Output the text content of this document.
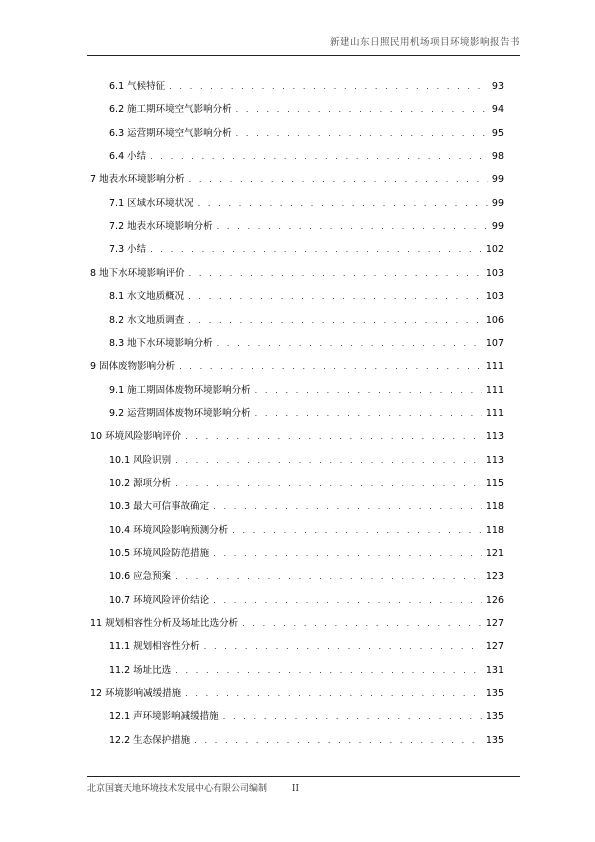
新建山东日照民用机场项目环境影响报告书
6.1 气候特征 . . .	93
6.2 施工期环境空气影响分析 . . .	94
6.3 运营期环境空气影响分析 . . .	95
6.4 小结 . . .	98
7 地表水环境影响分析 . . .	99
7.1 区域水环境状况 . . .	99
7.2 地表水环境影响分析 . . .	99
7.3 小结 . . .	102
8 地下水环境影响评价 . . .	103
8.1 水文地质概况 . . .	103
8.2 水文地质调查 . . .	106
8.3 地下水环境影响分析 . . .	107
9 固体废物影响分析 . . .	111
9.1 施工期固体废物环境影响分析 . . .	111
9.2 运营期固体废物环境影响分析 . . .	111
10 环境风险影响评价 . . .	113
10.1 风险识别 . . .	113
10.2 源项分析 . . .	115
10.3 最大可信事故确定 . . .	118
10.4 环境风险影响预测分析 . . .	118
10.5 环境风险防范措施 . . .	121
10.6 应急预案 . . .	123
10.7 环境风险评价结论 . . .	126
11 规划相容性分析及场址比选分析 . . .	127
11.1 规划相容性分析 . . .	127
11.2 场址比选 . . .	131
12 环境影响减缓措施 . . .	135
12.1 声环境影响减缓措施 . . .	135
12.2 生态保护措施 . . .	135
北京国寰天地环境技术发展中心有限公司编制	II
